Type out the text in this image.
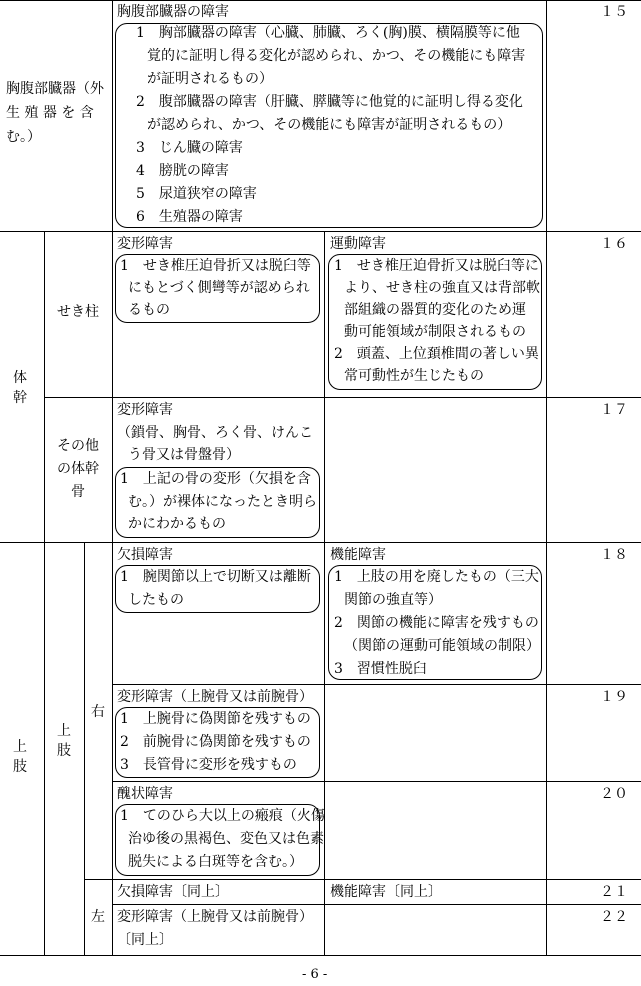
胸腹部臓器（外
生 殖 器 を 含
む。）
胸腹部臓器の障害
1　胸部臓器の障害（心臓、肺臓、ろく(胸)膜、横隔膜等に他
覚的に証明し得る変化が認められ、かつ、その機能にも障害
が証明されるもの）
2　腹部臓器の障害（肝臓、膵臓等に他覚的に証明し得る変化
が認められ、かつ、その機能にも障害が証明されるもの）
3　じん臓の障害
4　膀胱の障害
5　尿道狭窄の障害
6　生殖器の障害
１５
体幹
せき柱
変形障害
1　せき椎圧迫骨折又は脱臼等
にもとづく側彎等が認められ
るもの
運動障害
1　せき椎圧迫骨折又は脱臼等に
より、せき柱の強直又は背部軟
部組織の器質的変化のため運
動可能領域が制限されるもの
2　頭蓋、上位頚椎間の著しい異
常可動性が生じたもの
１６
その他
の体幹
骨
変形障害
（鎖骨、胸骨、ろく骨、けんこ
う骨又は骨盤骨）
1　上記の骨の変形（欠損を含
む。）が裸体になったとき明ら
かにわかるもの
１７
上肢
上肢
右
左
欠損障害
1　腕関節以上で切断又は離断
したもの
機能障害
1　上肢の用を廃したもの（三大
関節の強直等）
2　関節の機能に障害を残すもの
（関節の運動可能領域の制限）
3　習慣性脱臼
１８
変形障害（上腕骨又は前腕骨）
1　上腕骨に偽関節を残すもの
2　前腕骨に偽関節を残すもの
3　長管骨に変形を残すもの
１９
醜状障害
1　てのひら大以上の瘢痕（火傷
治ゆ後の黒褐色、変色又は色素
脱失による白斑等を含む。）
２０
欠損障害〔同上〕	機能障害〔同上〕	２１
変形障害（上腕骨又は前腕骨）
〔同上〕
２２
- 6 -
